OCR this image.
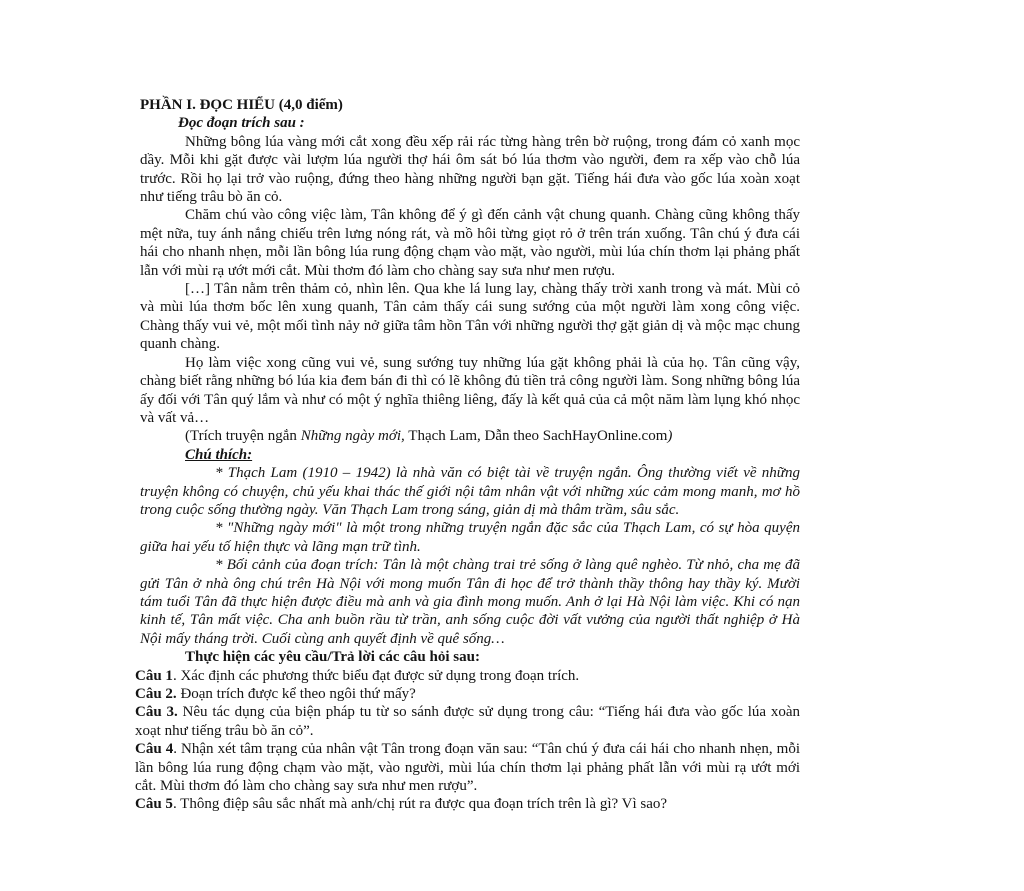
PHẦN I. ĐỌC HIỂU (4,0 điểm)

Đọc đoạn trích sau :

Những bông lúa vàng mới cắt xong đều xếp rải rác từng hàng trên bờ ruộng, trong đám cỏ xanh mọc dầy. Mỗi khi gặt được vài lượm lúa người thợ hái ôm sát bó lúa thơm vào người, đem ra xếp vào chỗ lúa trước. Rồi họ lại trở vào ruộng, đứng theo hàng những người bạn gặt. Tiếng hái đưa vào gốc lúa xoàn xoạt như tiếng trâu bò ăn cỏ.

Chăm chú vào công việc làm, Tân không để ý gì đến cảnh vật chung quanh. Chàng cũng không thấy mệt nữa, tuy ánh nắng chiếu trên lưng nóng rát, và mồ hôi từng giọt rỏ ở trên trán xuống. Tân chú ý đưa cái hái cho nhanh nhẹn, mỗi lần bông lúa rung động chạm vào mặt, vào người, mùi lúa chín thơm lại phảng phất lẫn với mùi rạ ướt mới cắt. Mùi thơm đó làm cho chàng say sưa như men rượu.

[…] Tân nằm trên thảm cỏ, nhìn lên. Qua khe lá lung lay, chàng thấy trời xanh trong và mát. Mùi cỏ và mùi lúa thơm bốc lên xung quanh, Tân cảm thấy cái sung sướng của một người làm xong công việc. Chàng thấy vui vẻ, một mối tình nảy nở giữa tâm hồn Tân với những người thợ gặt giản dị và mộc mạc chung quanh chàng.

Họ làm việc xong cũng vui vẻ, sung sướng tuy những lúa gặt không phải là của họ. Tân cũng vậy, chàng biết rằng những bó lúa kia đem bán đi thì có lẽ không đủ tiền trả công người làm. Song những bông lúa ấy đối với Tân quý lắm và như có một ý nghĩa thiêng liêng, đấy là kết quả của cả một năm làm lụng khó nhọc và vất vả…

(Trích truyện ngắn Những ngày mới, Thạch Lam, Dẫn theo SachHayOnline.com)

Chú thích:

* Thạch Lam (1910 – 1942) là nhà văn có biệt tài về truyện ngắn. Ông thường viết về những truyện không có chuyện, chủ yếu khai thác thế giới nội tâm nhân vật với những xúc cảm mong manh, mơ hồ trong cuộc sống thường ngày. Văn Thạch Lam trong sáng, giản dị mà thâm trầm, sâu sắc.

* "Những ngày mới" là một trong những truyện ngắn đặc sắc của Thạch Lam, có sự hòa quyện giữa hai yếu tố hiện thực và lãng mạn trữ tình.

* Bối cảnh của đoạn trích: Tân là một chàng trai trẻ sống ở làng quê nghèo. Từ nhỏ, cha mẹ đã gửi Tân ở nhà ông chú trên Hà Nội với mong muốn Tân đi học để trở thành thầy thông hay thầy ký. Mười tám tuổi Tân đã thực hiện được điều mà anh và gia đình mong muốn. Anh ở lại Hà Nội làm việc. Khi có nạn kinh tế, Tân mất việc. Cha anh buồn rầu từ trần, anh sống cuộc đời vất vưởng của người thất nghiệp ở Hà Nội mấy tháng trời. Cuối cùng anh quyết định về quê sống…

Thực hiện các yêu cầu/Trả lời các câu hỏi sau:

Câu 1. Xác định các phương thức biểu đạt được sử dụng trong đoạn trích.

Câu 2. Đoạn trích được kể theo ngôi thứ mấy?

Câu 3. Nêu tác dụng của biện pháp tu từ so sánh được sử dụng trong câu: “Tiếng hái đưa vào gốc lúa xoàn xoạt như tiếng trâu bò ăn cỏ”.

Câu 4. Nhận xét tâm trạng của nhân vật Tân trong đoạn văn sau: “Tân chú ý đưa cái hái cho nhanh nhẹn, mỗi lần bông lúa rung động chạm vào mặt, vào người, mùi lúa chín thơm lại phảng phất lẫn với mùi rạ ướt mới cắt. Mùi thơm đó làm cho chàng say sưa như men rượu”.

Câu 5. Thông điệp sâu sắc nhất mà anh/chị rút ra được qua đoạn trích trên là gì? Vì sao?
